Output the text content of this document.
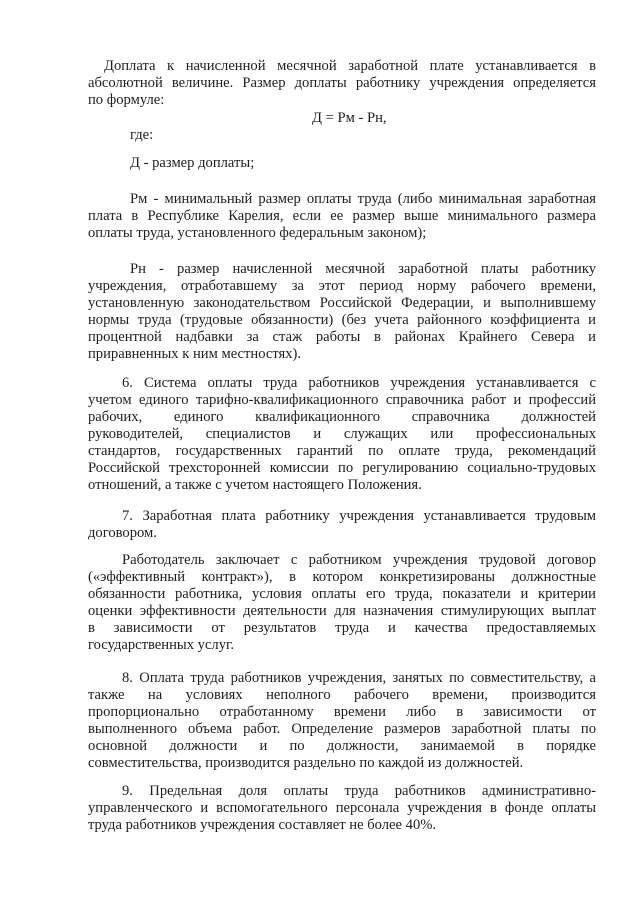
Доплата к начисленной месячной заработной плате устанавливается в
абсолютной величине. Размер доплаты работнику учреждения определяется
по формуле:
Д = Рм - Рн,
где:
Д - размер доплаты;
Рм - минимальный размер оплаты труда (либо минимальная заработная
плата в Республике Карелия, если ее размер выше минимального размера
оплаты труда, установленного федеральным законом);
Рн - размер начисленной месячной заработной платы работнику
учреждения, отработавшему за этот период норму рабочего времени,
установленную законодательством Российской Федерации, и выполнившему
нормы труда (трудовые обязанности) (без учета районного коэффициента и
процентной надбавки за стаж работы в районах Крайнего Севера и
приравненных к ним местностях).
6. Система оплаты труда работников учреждения устанавливается с
учетом единого тарифно-квалификационного справочника работ и профессий
рабочих, единого квалификационного справочника должностей
руководителей, специалистов и служащих или профессиональных
стандартов, государственных гарантий по оплате труда, рекомендаций
Российской трехсторонней комиссии по регулированию социально-трудовых
отношений, а также с учетом настоящего Положения.
7. Заработная плата работнику учреждения устанавливается трудовым
договором.
Работодатель заключает с работником учреждения трудовой договор
(«эффективный контракт»), в котором конкретизированы должностные
обязанности работника, условия оплаты его труда, показатели и критерии
оценки эффективности деятельности для назначения стимулирующих выплат
в зависимости от результатов труда и качества предоставляемых
государственных услуг.
8. Оплата труда работников учреждения, занятых по совместительству, а
также на условиях неполного рабочего времени, производится
пропорционально отработанному времени либо в зависимости от
выполненного объема работ. Определение размеров заработной платы по
основной должности и по должности, занимаемой в порядке
совместительства, производится раздельно по каждой из должностей.
9. Предельная доля оплаты труда работников административно-
управленческого и вспомогательного персонала учреждения в фонде оплаты
труда работников учреждения составляет не более 40%.
